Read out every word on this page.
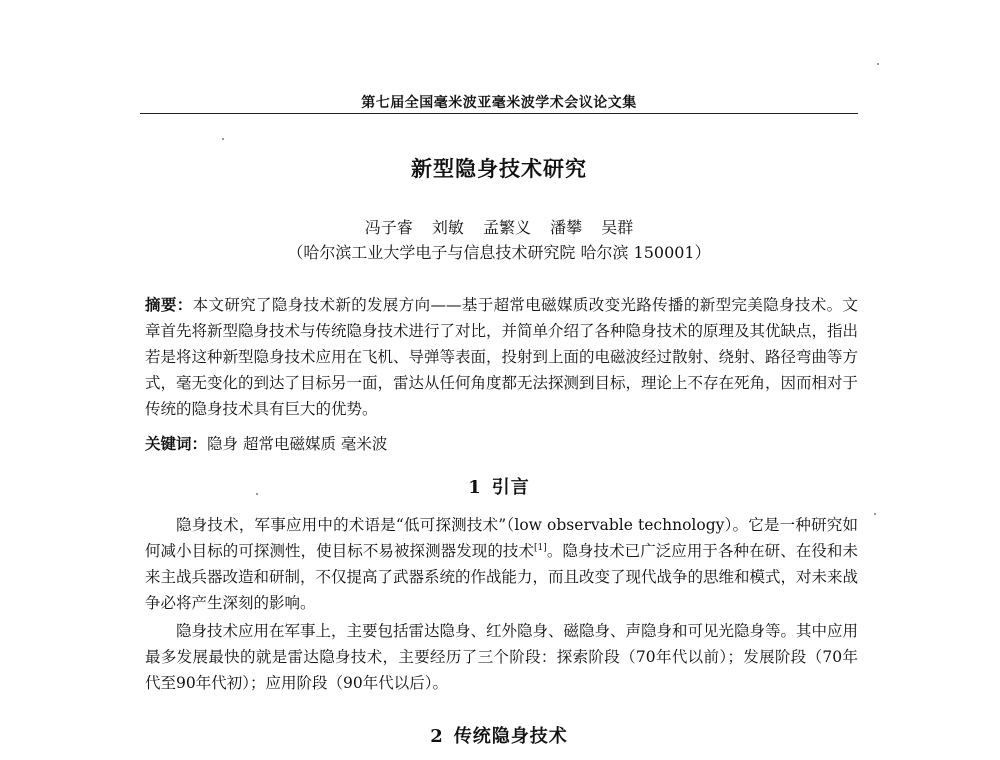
第七届全国毫米波亚毫米波学术会议论文集
新型隐身技术研究
冯子睿 刘敏 孟繁义 潘攀 吴群
（哈尔滨工业大学电子与信息技术研究院 哈尔滨 150001）

摘要：本文研究了隐身技术新的发展方向——基于超常电磁媒质改变光路传播的新型完美隐身技术。文章首先将新型隐身技术与传统隐身技术进行了对比，并简单介绍了各种隐身技术的原理及其优缺点，指出若是将这种新型隐身技术应用在飞机、导弹等表面，投射到上面的电磁波经过散射、绕射、路径弯曲等方式，毫无变化的到达了目标另一面，雷达从任何角度都无法探测到目标，理论上不存在死角，因而相对于传统的隐身技术具有巨大的优势。

关键词：隐身 超常电磁媒质 毫米波

1 引言

隐身技术，军事应用中的术语是“低可探测技术”（low observable technology）。它是一种研究如何减小目标的可探测性，使目标不易被探测器发现的技术[1]。隐身技术已广泛应用于各种在研、在役和未来主战兵器改造和研制，不仅提高了武器系统的作战能力，而且改变了现代战争的思维和模式，对未来战争必将产生深刻的影响。

隐身技术应用在军事上，主要包括雷达隐身、红外隐身、磁隐身、声隐身和可见光隐身等。其中应用最多发展最快的就是雷达隐身技术，主要经历了三个阶段：探索阶段（70年代以前）；发展阶段（70年代至90年代初）；应用阶段（90年代以后）。

2 传统隐身技术
